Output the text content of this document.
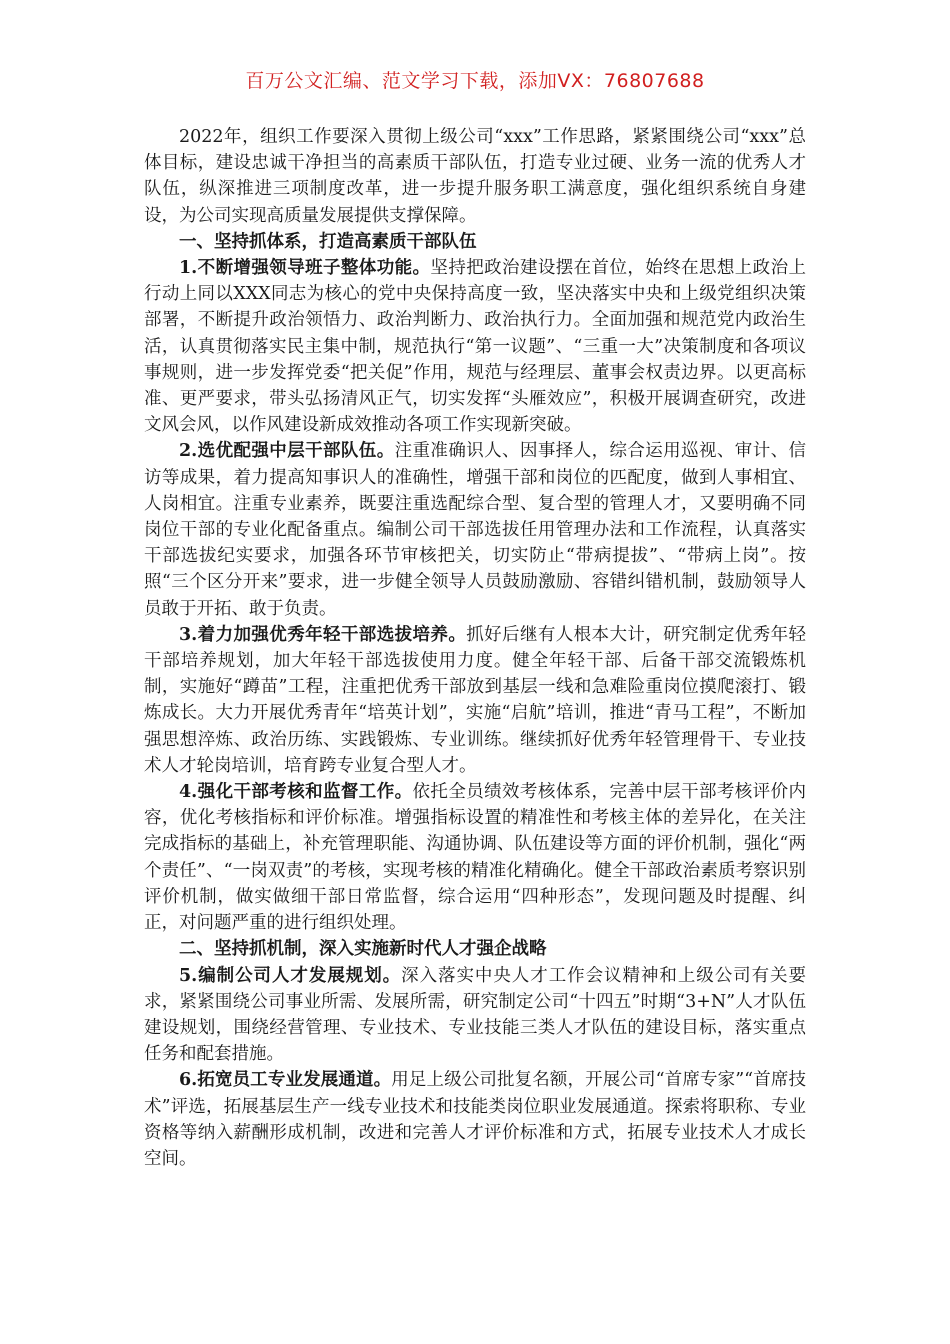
百万公文汇编、范文学习下载，添加VX：76807688

2022年，组织工作要深入贯彻上级公司“xxx”工作思路，紧紧围绕公司“xxx”总体目标，建设忠诚干净担当的高素质干部队伍，打造专业过硬、业务一流的优秀人才队伍，纵深推进三项制度改革，进一步提升服务职工满意度，强化组织系统自身建设，为公司实现高质量发展提供支撑保障。

一、坚持抓体系，打造高素质干部队伍

1.不断增强领导班子整体功能。坚持把政治建设摆在首位，始终在思想上政治上行动上同以XXX同志为核心的党中央保持高度一致，坚决落实中央和上级党组织决策部署，不断提升政治领悟力、政治判断力、政治执行力。全面加强和规范党内政治生活，认真贯彻落实民主集中制，规范执行“第一议题”、“三重一大”决策制度和各项议事规则，进一步发挥党委“把关促”作用，规范与经理层、董事会权责边界。以更高标准、更严要求，带头弘扬清风正气，切实发挥“头雁效应”，积极开展调查研究，改进文风会风，以作风建设新成效推动各项工作实现新突破。

2.选优配强中层干部队伍。注重准确识人、因事择人，综合运用巡视、审计、信访等成果，着力提高知事识人的准确性，增强干部和岗位的匹配度，做到人事相宜、人岗相宜。注重专业素养，既要注重选配综合型、复合型的管理人才，又要明确不同岗位干部的专业化配备重点。编制公司干部选拔任用管理办法和工作流程，认真落实干部选拔纪实要求，加强各环节审核把关，切实防止“带病提拔”、“带病上岗”。按照“三个区分开来”要求，进一步健全领导人员鼓励激励、容错纠错机制，鼓励领导人员敢于开拓、敢于负责。

3.着力加强优秀年轻干部选拔培养。抓好后继有人根本大计，研究制定优秀年轻干部培养规划，加大年轻干部选拔使用力度。健全年轻干部、后备干部交流锻炼机制，实施好“蹲苗”工程，注重把优秀干部放到基层一线和急难险重岗位摸爬滚打、锻炼成长。大力开展优秀青年“培英计划”，实施“启航”培训，推进“青马工程”，不断加强思想淬炼、政治历练、实践锻炼、专业训练。继续抓好优秀年轻管理骨干、专业技术人才轮岗培训，培育跨专业复合型人才。

4.强化干部考核和监督工作。依托全员绩效考核体系，完善中层干部考核评价内容，优化考核指标和评价标准。增强指标设置的精准性和考核主体的差异化，在关注完成指标的基础上，补充管理职能、沟通协调、队伍建设等方面的评价机制，强化“两个责任”、“一岗双责”的考核，实现考核的精准化精确化。健全干部政治素质考察识别评价机制，做实做细干部日常监督，综合运用“四种形态”，发现问题及时提醒、纠正，对问题严重的进行组织处理。

二、坚持抓机制，深入实施新时代人才强企战略

5.编制公司人才发展规划。深入落实中央人才工作会议精神和上级公司有关要求，紧紧围绕公司事业所需、发展所需，研究制定公司“十四五”时期“3+N”人才队伍建设规划，围绕经营管理、专业技术、专业技能三类人才队伍的建设目标，落实重点任务和配套措施。

6.拓宽员工专业发展通道。用足上级公司批复名额，开展公司“首席专家”“首席技术”评选，拓展基层生产一线专业技术和技能类岗位职业发展通道。探索将职称、专业资格等纳入薪酬形成机制，改进和完善人才评价标准和方式，拓展专业技术人才成长空间。
